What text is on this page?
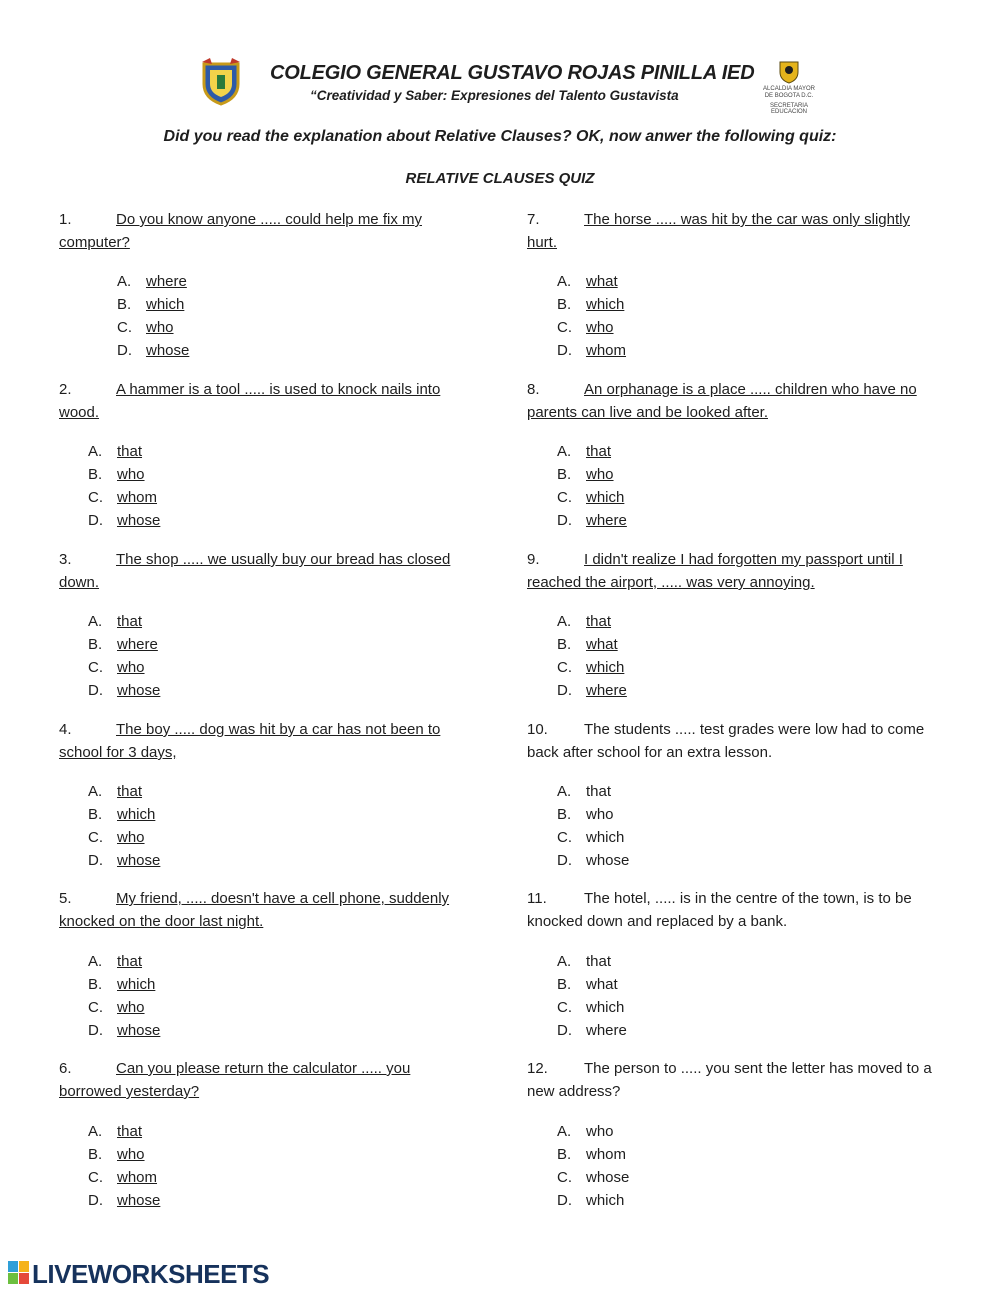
COLEGIO GENERAL GUSTAVO ROJAS PINILLA IED
“Creatividad y Saber: Expresiones del Talento Gustavista	ALCALDIA MAYOR
DE BOGOTA D.C.
SECRETARIA
EDUCACION
Did you read the explanation about Relative Clauses? OK, now anwer the following quiz:
RELATIVE CLAUSES QUIZ
1.	Do you know anyone ..... could help me fix my
computer?
A. where
B. which
C. who
D. whose
2.	A hammer is a tool ..... is used to knock nails into
wood.
A. that
B. who
C. whom
D. whose
3.	The shop ..... we usually buy our bread has closed
down.
A. that
B. where
C. who
D. whose
4.	The boy ..... dog was hit by a car has not been to
school for 3 days,
A. that
B. which
C. who
D. whose
5.	My friend, ..... doesn't have a cell phone, suddenly
knocked on the door last night.
A. that
B. which
C. who
D. whose
6.	Can you please return the calculator ..... you
borrowed yesterday?
A. that
B. who
C. whom
D. whose
7.	The horse ..... was hit by the car was only slightly
hurt.
A. what
B. which
C. who
D. whom
8.	An orphanage is a place ..... children who have no
parents can live and be looked after.
A. that
B. who
C. which
D. where
9.	I didn't realize I had forgotten my passport until I
reached the airport, ..... was very annoying.
A. that
B. what
C. which
D. where
10. The students ..... test grades were low had to come
back after school for an extra lesson.
A. that
B. who
C. which
D. whose
11. The hotel, ..... is in the centre of the town, is to be
knocked down and replaced by a bank.
A. that
B. what
C. which
D. where
12. The person to ..... you sent the letter has moved to a
new address?
A. who
B. whom
C. whose
D. which
LIVEWORKSHEETS
